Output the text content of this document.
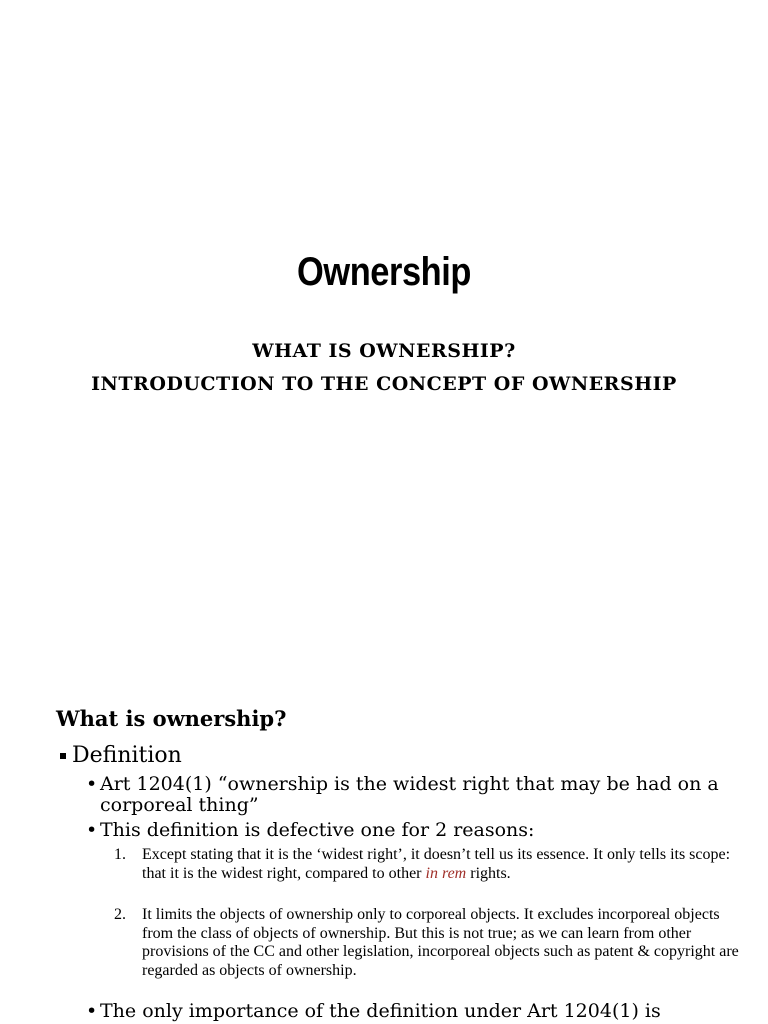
Ownership
WHAT IS OWNERSHIP?
INTRODUCTION TO THE CONCEPT OF OWNERSHIP
What is ownership?
Definition
• Art 1204(1) “ownership is the widest right that may be had on a corporeal thing”
• This definition is defective one for 2 reasons:
1. Except stating that it is the ‘widest right’, it doesn’t tell us its essence. It only tells its scope: that it is the widest right, compared to other in rem rights.
2. It limits the objects of ownership only to corporeal objects. It excludes incorporeal objects from the class of objects of ownership. But this is not true; as we can learn from other provisions of the CC and other legislation, incorporeal objects such as patent & copyright are regarded as objects of ownership.
• The only importance of the definition under Art 1204(1) is
